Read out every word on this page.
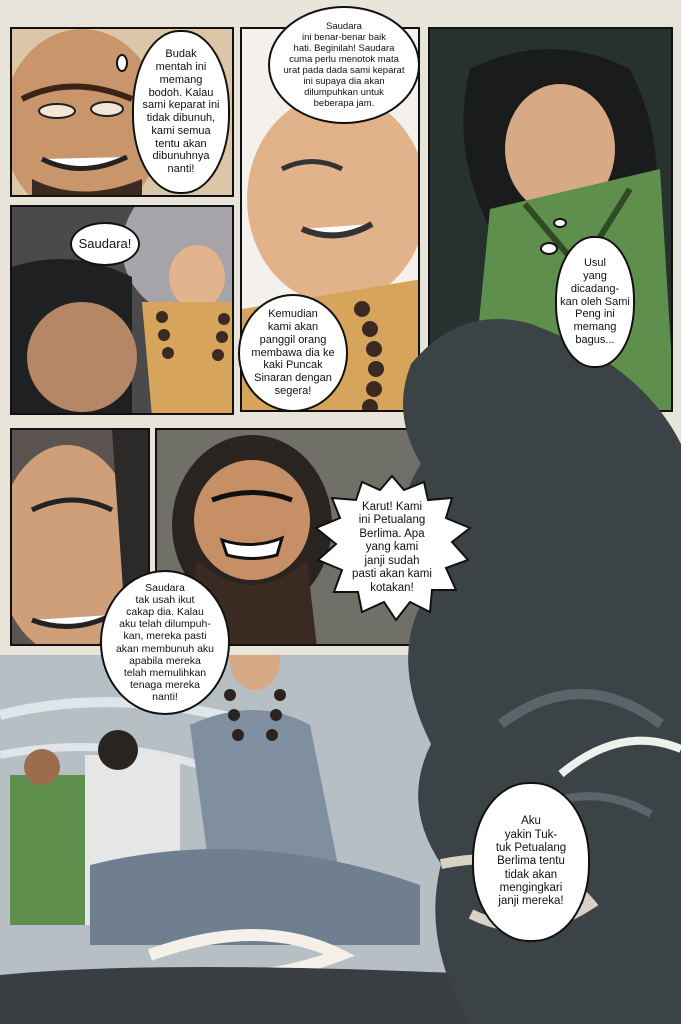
Budak
mentah ini
memang
bodoh. Kalau
sami keparat ini
tidak dibunuh,
kami semua
tentu akan
dibunuhnya
nanti!
Saudara
ini benar-benar baik
hati. Beginilah! Saudara
cuma perlu menotok mata
urat pada dada sami keparat
ini supaya dia akan
dilumpuhkan untuk
beberapa jam.
Saudara!
Usul
yang
dicadang-
kan oleh Sami
Peng ini
memang
bagus...
Kemudian
kami akan
panggil orang
membawa dia ke
kaki Puncak
Sinaran dengan
segera!
Karut! Kami
ini Petualang
Berlima. Apa
yang kami
janji sudah
pasti akan kami
kotakan!
Saudara
tak usah ikut
cakap dia. Kalau
aku telah dilumpuh-
kan, mereka pasti
akan membunuh aku
apabila mereka
telah memulihkan
tenaga mereka
nanti!
Aku
yakin Tuk-
tuk Petualang
Berlima tentu
tidak akan
mengingkari
janji mereka!
